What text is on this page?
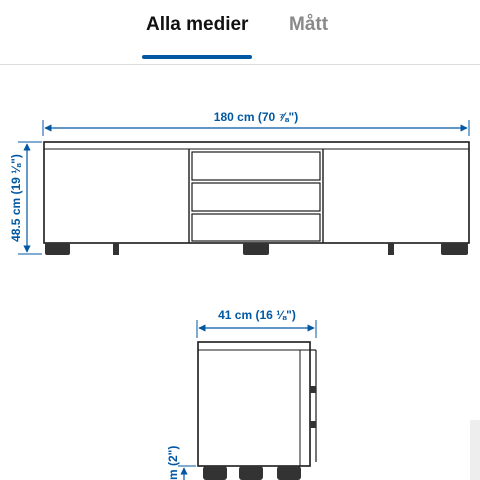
Alla medier Mått
180 cm (70 ⅞")
48.5 cm (19 ⅛")
41 cm (16 ⅛")
m (2")
